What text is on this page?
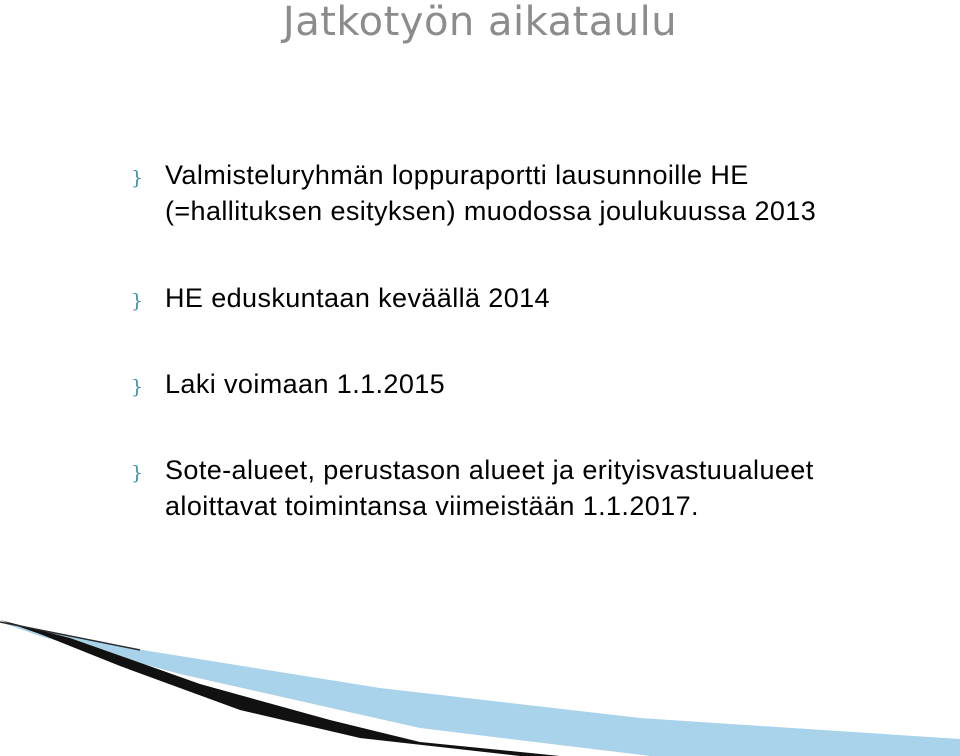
Jatkotyön aikataulu
} Valmisteluryhmän loppuraportti lausunnoille HE
(=hallituksen esityksen) muodossa joulukuussa 2013
} HE eduskuntaan keväällä 2014
} Laki voimaan 1.1.2015
} Sote-alueet, perustason alueet ja erityisvastuualueet
aloittavat toimintansa viimeistään 1.1.2017.
